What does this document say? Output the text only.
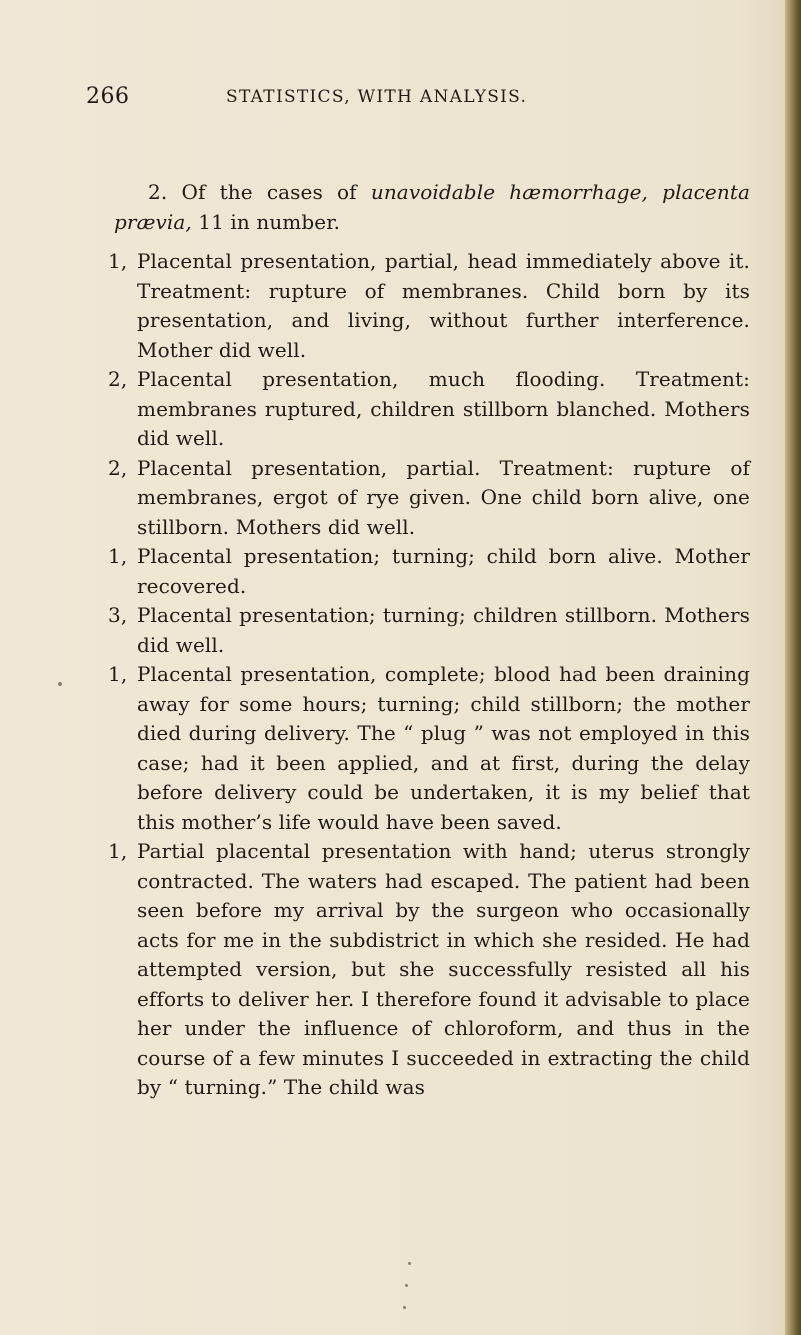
266	STATISTICS, WITH ANALYSIS.

2. Of the cases of unavoidable hæmorrhage, placenta prævia, 11 in number.

1, Placental presentation, partial, head immediately above it. Treatment: rupture of membranes. Child born by its presentation, and living, without further interference. Mother did well.

2, Placental presentation, much flooding. Treatment: membranes ruptured, children stillborn blanched. Mothers did well.

2, Placental presentation, partial. Treatment: rupture of membranes, ergot of rye given. One child born alive, one stillborn. Mothers did well.

1, Placental presentation; turning; child born alive. Mother recovered.

3, Placental presentation; turning; children stillborn. Mothers did well.

1, Placental presentation, complete; blood had been draining away for some hours; turning; child stillborn; the mother died during delivery. The “ plug ” was not employed in this case; had it been applied, and at first, during the delay before delivery could be undertaken, it is my belief that this mother’s life would have been saved.

1, Partial placental presentation with hand; uterus strongly contracted. The waters had escaped. The patient had been seen before my arrival by the surgeon who occasionally acts for me in the subdistrict in which she resided. He had attempted version, but she successfully resisted all his efforts to deliver her. I therefore found it advisable to place her under the influence of chloroform, and thus in the course of a few minutes I succeeded in extracting the child by “ turning.” The child was
